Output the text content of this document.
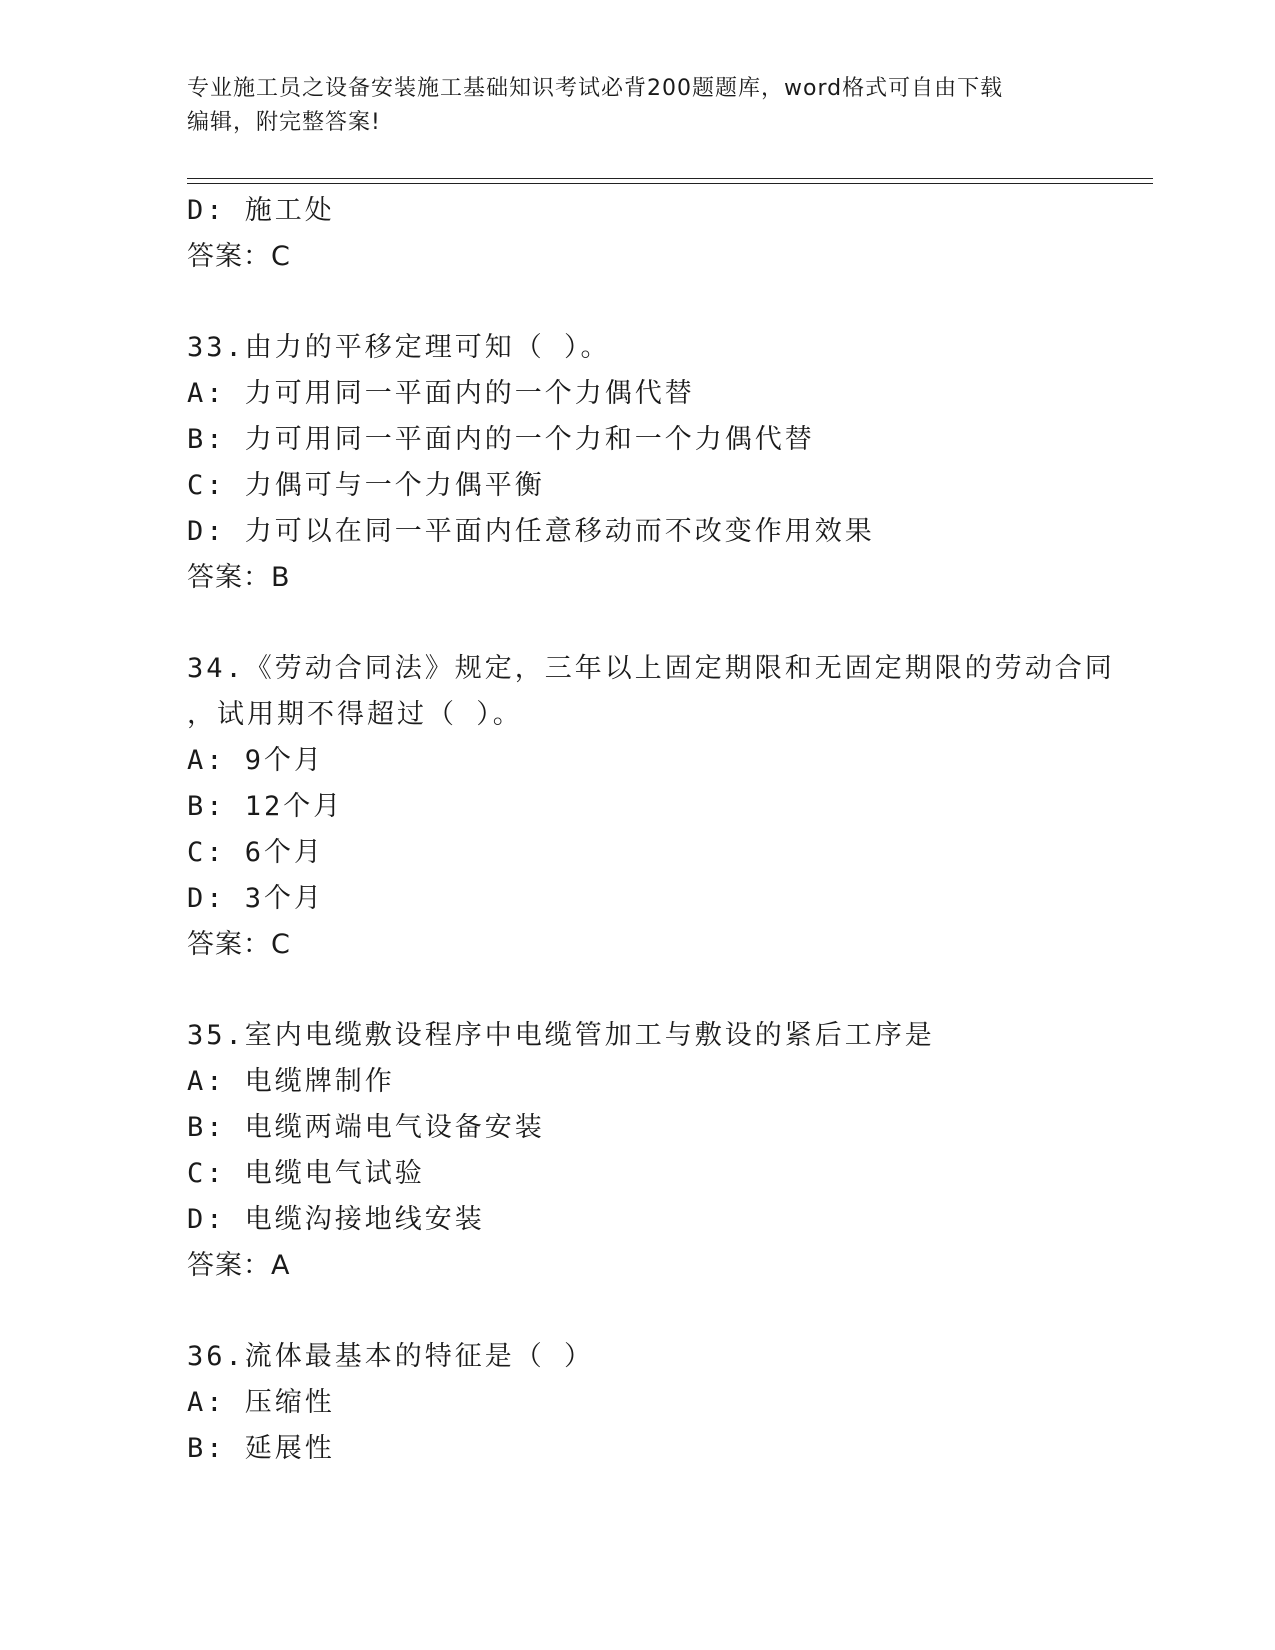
专业施工员之设备安装施工基础知识考试必背200题题库，word格式可自由下载
编辑，附完整答案!
D: 施工处
答案：C
33.由力的平移定理可知（ ）。
A: 力可用同一平面内的一个力偶代替
B: 力可用同一平面内的一个力和一个力偶代替
C: 力偶可与一个力偶平衡
D: 力可以在同一平面内任意移动而不改变作用效果
答案：B
34.《劳动合同法》规定，三年以上固定期限和无固定期限的劳动合同
，试用期不得超过（ ）。
A: 9个月
B: 12个月
C: 6个月
D: 3个月
答案：C
35.室内电缆敷设程序中电缆管加工与敷设的紧后工序是
A: 电缆牌制作
B: 电缆两端电气设备安装
C: 电缆电气试验
D: 电缆沟接地线安装
答案：A
36.流体最基本的特征是（ ）
A: 压缩性
B: 延展性
